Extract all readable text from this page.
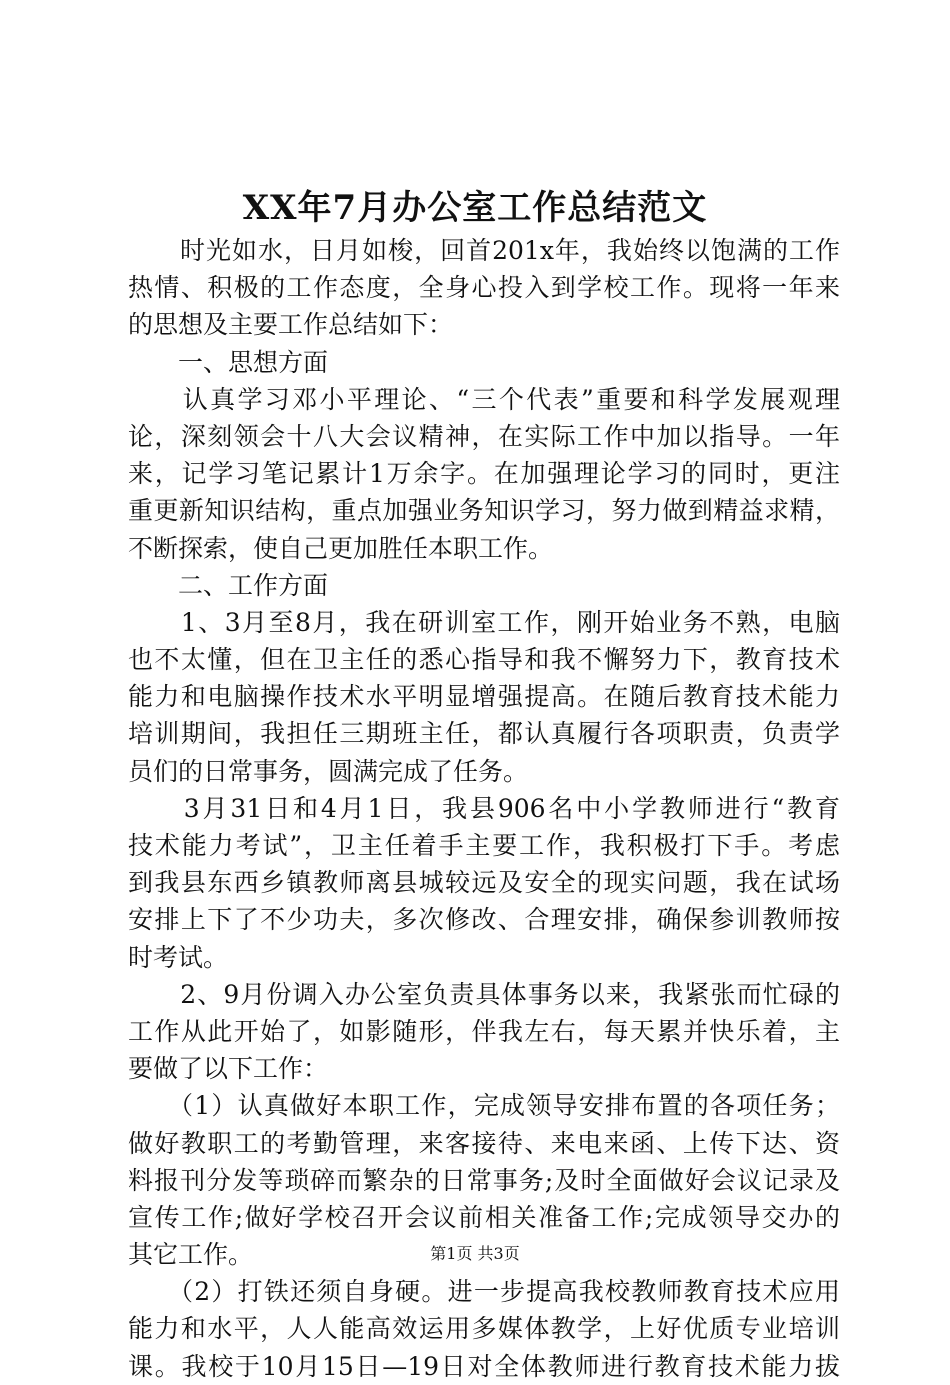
XX年7月办公室工作总结范文
　　时光如水，日月如梭，回首201x年，我始终以饱满的工作
热情、积极的工作态度，全身心投入到学校工作。现将一年来
的思想及主要工作总结如下：
　　一、思想方面
　　认真学习邓小平理论、“三个代表”重要和科学发展观理
论，深刻领会十八大会议精神，在实际工作中加以指导。一年
来，记学习笔记累计1万余字。在加强理论学习的同时，更注
重更新知识结构，重点加强业务知识学习，努力做到精益求精，
不断探索，使自己更加胜任本职工作。
　　二、工作方面
　　1、3月至8月，我在研训室工作，刚开始业务不熟，电脑
也不太懂，但在卫主任的悉心指导和我不懈努力下，教育技术
能力和电脑操作技术水平明显增强提高。在随后教育技术能力
培训期间，我担任三期班主任，都认真履行各项职责，负责学
员们的日常事务，圆满完成了任务。
　　3月31日和4月1日，我县906名中小学教师进行“教育
技术能力考试”，卫主任着手主要工作，我积极打下手。考虑
到我县东西乡镇教师离县城较远及安全的现实问题，我在试场
安排上下了不少功夫，多次修改、合理安排，确保参训教师按
时考试。
　　2、9月份调入办公室负责具体事务以来，我紧张而忙碌的
工作从此开始了，如影随形，伴我左右，每天累并快乐着，主
要做了以下工作：
　　（1）认真做好本职工作，完成领导安排布置的各项任务；
做好教职工的考勤管理，来客接待、来电来函、上传下达、资
料报刊分发等琐碎而繁杂的日常事务;及时全面做好会议记录及
宣传工作;做好学校召开会议前相关准备工作;完成领导交办的
其它工作。
　　（2）打铁还须自身硬。进一步提高我校教师教育技术应用
能力和水平，人人能高效运用多媒体教学，上好优质专业培训
课。我校于10月15日—19日对全体教师进行教育技术能力拔
第1页 共3页
